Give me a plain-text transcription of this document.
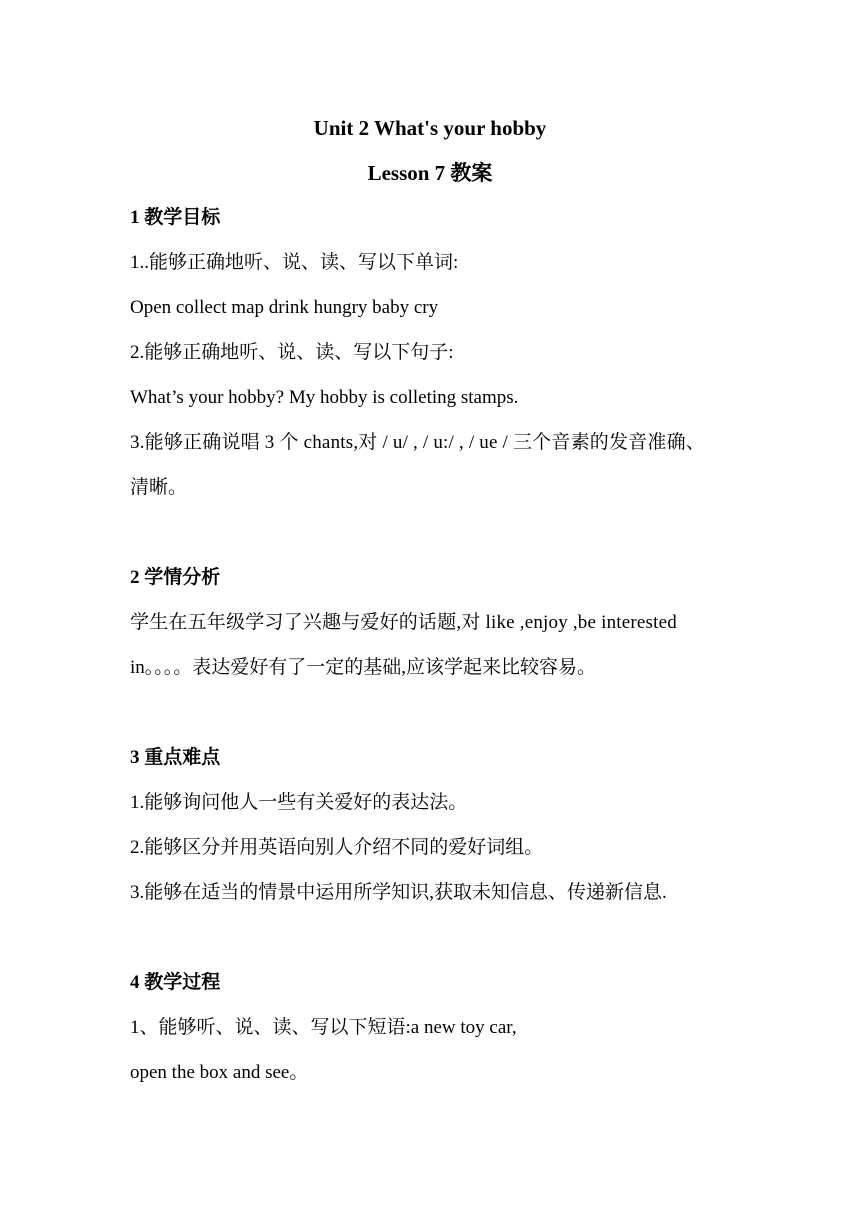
Unit 2 What's your hobby
Lesson 7 教案
1 教学目标
1..能够正确地听、说、读、写以下单词:
Open collect map drink hungry baby cry
2.能够正确地听、说、读、写以下句子:
What’s your hobby? My hobby is colleting stamps.
3.能够正确说唱 3 个 chants,对 / u/ , / u:/ , / ue / 三个音素的发音准确、
清晰。
2 学情分析
学生在五年级学习了兴趣与爱好的话题,对 like ,enjoy ,be interested
in。。。。表达爱好有了一定的基础,应该学起来比较容易。
3 重点难点
1.能够询问他人一些有关爱好的表达法。
2.能够区分并用英语向别人介绍不同的爱好词组。
3.能够在适当的情景中运用所学知识,获取未知信息、传递新信息.
4 教学过程
1、能够听、说、读、写以下短语:a new toy car,
open the box and see。
